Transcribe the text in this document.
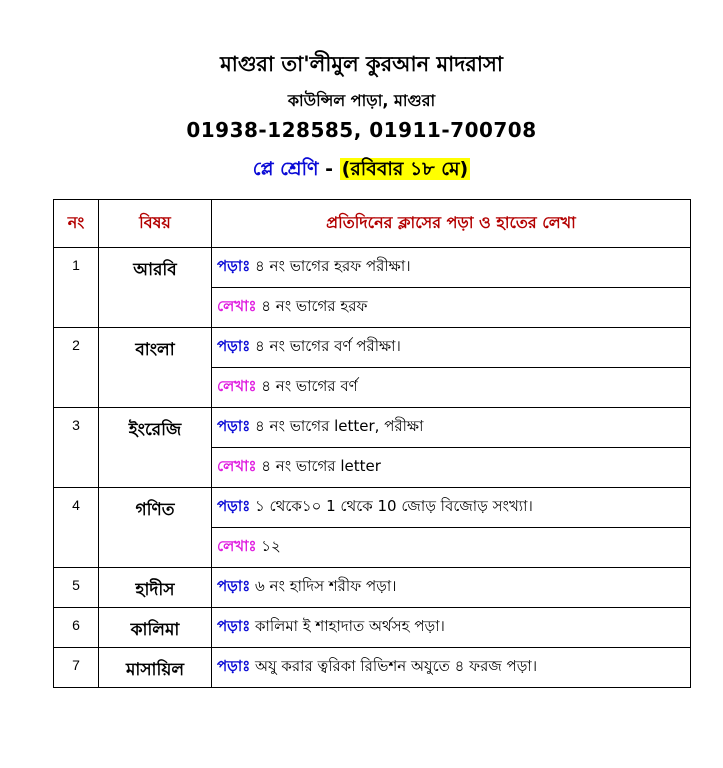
মাগুরা তা'লীমুল কুরআন মাদরাসা
কাউন্সিল পাড়া, মাগুরা
01938-128585, 01911-700708
প্লে শ্রেণি - (রবিবার ১৮ মে)
নং	বিষয়	প্রতিদিনের ক্লাসের পড়া ও হাতের লেখা
1	আরবি	পড়াঃ ৪ নং ভাগের হরফ পরীক্ষা।
		লেখাঃ ৪ নং ভাগের হরফ
2	বাংলা	পড়াঃ ৪ নং ভাগের বর্ণ পরীক্ষা।
		লেখাঃ ৪ নং ভাগের বর্ণ
3	ইংরেজি	পড়াঃ ৪ নং ভাগের letter, পরীক্ষা
		লেখাঃ ৪ নং ভাগের letter
4	গণিত	পড়াঃ ১ থেকে১০ 1 থেকে 10 জোড় বিজোড় সংখ্যা।
		লেখাঃ ১২
5	হাদীস	পড়াঃ ৬ নং হাদিস শরীফ পড়া।
6	কালিমা	পড়াঃ কালিমা ই শাহাদাত অর্থসহ পড়া।
7	মাসায়িল	পড়াঃ অযু করার ত্বরিকা রিভিশন অযুতে ৪ ফরজ পড়া।
